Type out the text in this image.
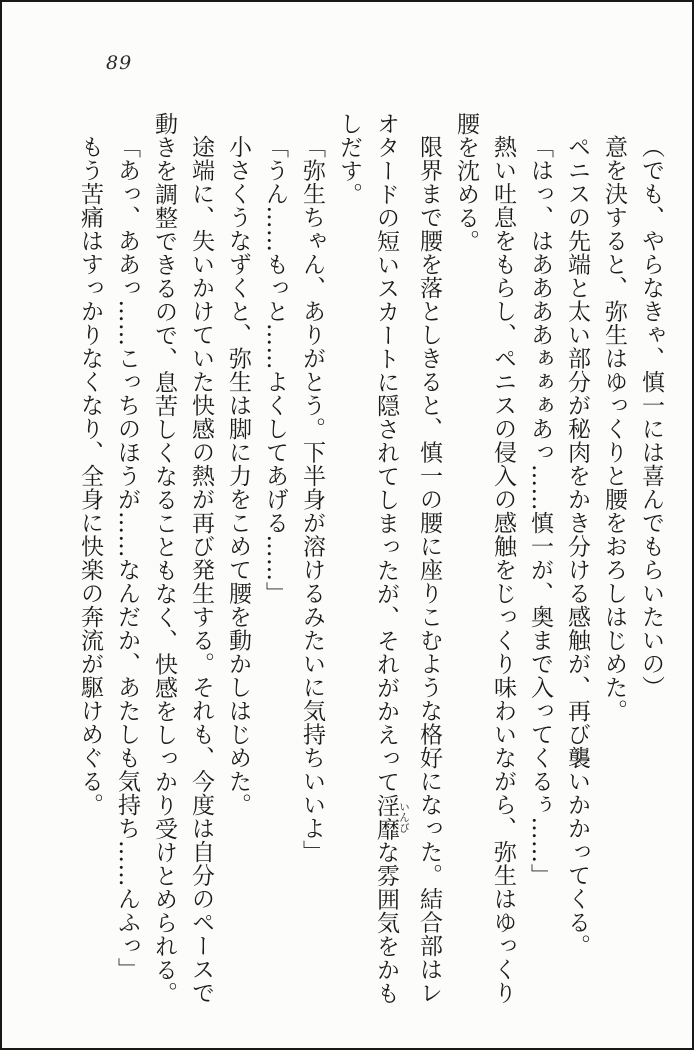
89
（でも、やらなきゃ、慎一には喜んでもらいたいの）
意を決すると、弥生はゆっくりと腰をおろしはじめた。
ペニスの先端と太い部分が秘肉をかき分ける感触が、再び襲いかかってくる。
「はっ、はああああぁぁぁあっ……慎一が、奥まで入ってくるぅ……」
熱い吐息をもらし、ペニスの侵入の感触をじっくり味わいながら、弥生はゆっくり
腰を沈める。
限界まで腰を落としきると、慎一の腰に座りこむような格好になった。結合部はレ
オタードの短いスカートに隠されてしまったが、それがかえって淫靡 いんびな雰囲気をかも
しだす。
「弥生ちゃん、ありがとう。下半身が溶けるみたいに気持ちいいよ」
「うん……もっと……よくしてあげる……」
小さくうなずくと、弥生は脚に力をこめて腰を動かしはじめた。
途端に、失いかけていた快感の熱が再び発生する。それも、今度は自分のペースで
動きを調整できるので、息苦しくなることもなく、快感をしっかり受けとめられる。
「あっ、ああっ……こっちのほうが……なんだか、あたしも気持ち……んふっ」
もう苦痛はすっかりなくなり、全身に快楽の奔流が駆けめぐる。
